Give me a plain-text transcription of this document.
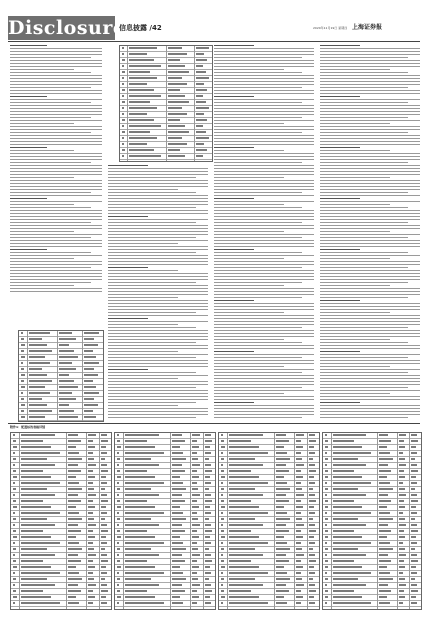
Disclosure
信息披露 /42	2020年11月19日 星期四 上海证券报
附件1：配置标的表格详情
